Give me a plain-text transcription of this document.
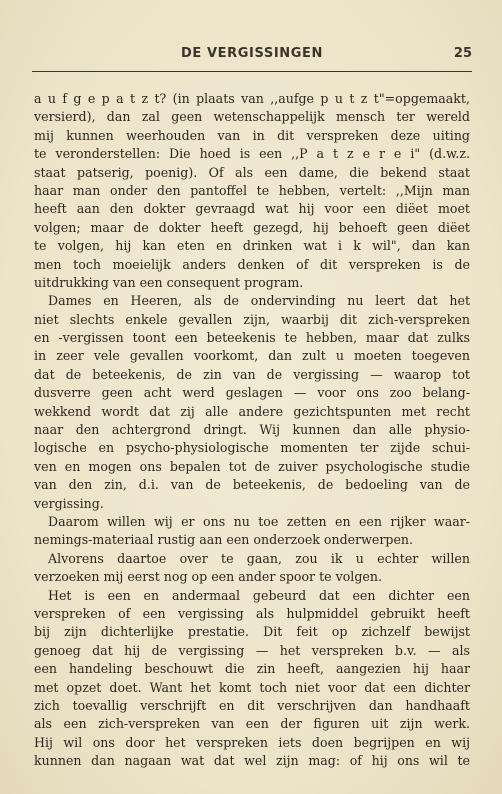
DE VERGISSINGEN	25
a u f g e p a t z t? (in plaats van ,,aufge p u t z t"=opgemaakt,
versierd), dan zal geen wetenschappelijk mensch ter wereld
mij kunnen weerhouden van in dit verspreken deze uiting
te veronderstellen: Die hoed is een ,,P a t z e r e i" (d.w.z.
staat patserig, poenig). Of als een dame, die bekend staat
haar man onder den pantoffel te hebben, vertelt: ,,Mijn man
heeft aan den dokter gevraagd wat hij voor een diëet moet
volgen; maar de dokter heeft gezegd, hij behoeft geen diëet
te volgen, hij kan eten en drinken wat i k wil", dan kan
men toch moeielijk anders denken of dit verspreken is de
uitdrukking van een consequent program.
Dames en Heeren, als de ondervinding nu leert dat het
niet slechts enkele gevallen zijn, waarbij dit zich-verspreken
en -vergissen toont een beteekenis te hebben, maar dat zulks
in zeer vele gevallen voorkomt, dan zult u moeten toegeven
dat de beteekenis, de zin van de vergissing — waarop tot
dusverre geen acht werd geslagen — voor ons zoo belang-
wekkend wordt dat zij alle andere gezichtspunten met recht
naar den achtergrond dringt. Wij kunnen dan alle physio-
logische en psycho-physiologische momenten ter zijde schui-
ven en mogen ons bepalen tot de zuiver psychologische studie
van den zin, d.i. van de beteekenis, de bedoeling van de
vergissing.
Daarom willen wij er ons nu toe zetten en een rijker waar-
nemings-materiaal rustig aan een onderzoek onderwerpen.
Alvorens daartoe over te gaan, zou ik u echter willen
verzoeken mij eerst nog op een ander spoor te volgen.
Het is een en andermaal gebeurd dat een dichter een
verspreken of een vergissing als hulpmiddel gebruikt heeft
bij zijn dichterlijke prestatie. Dit feit op zichzelf bewijst
genoeg dat hij de vergissing — het verspreken b.v. — als
een handeling beschouwt die zin heeft, aangezien hij haar
met opzet doet. Want het komt toch niet voor dat een dichter
zich toevallig verschrijft en dit verschrijven dan handhaaft
als een zich-verspreken van een der figuren uit zijn werk.
Hij wil ons door het verspreken iets doen begrijpen en wij
kunnen dan nagaan wat dat wel zijn mag: of hij ons wil te
